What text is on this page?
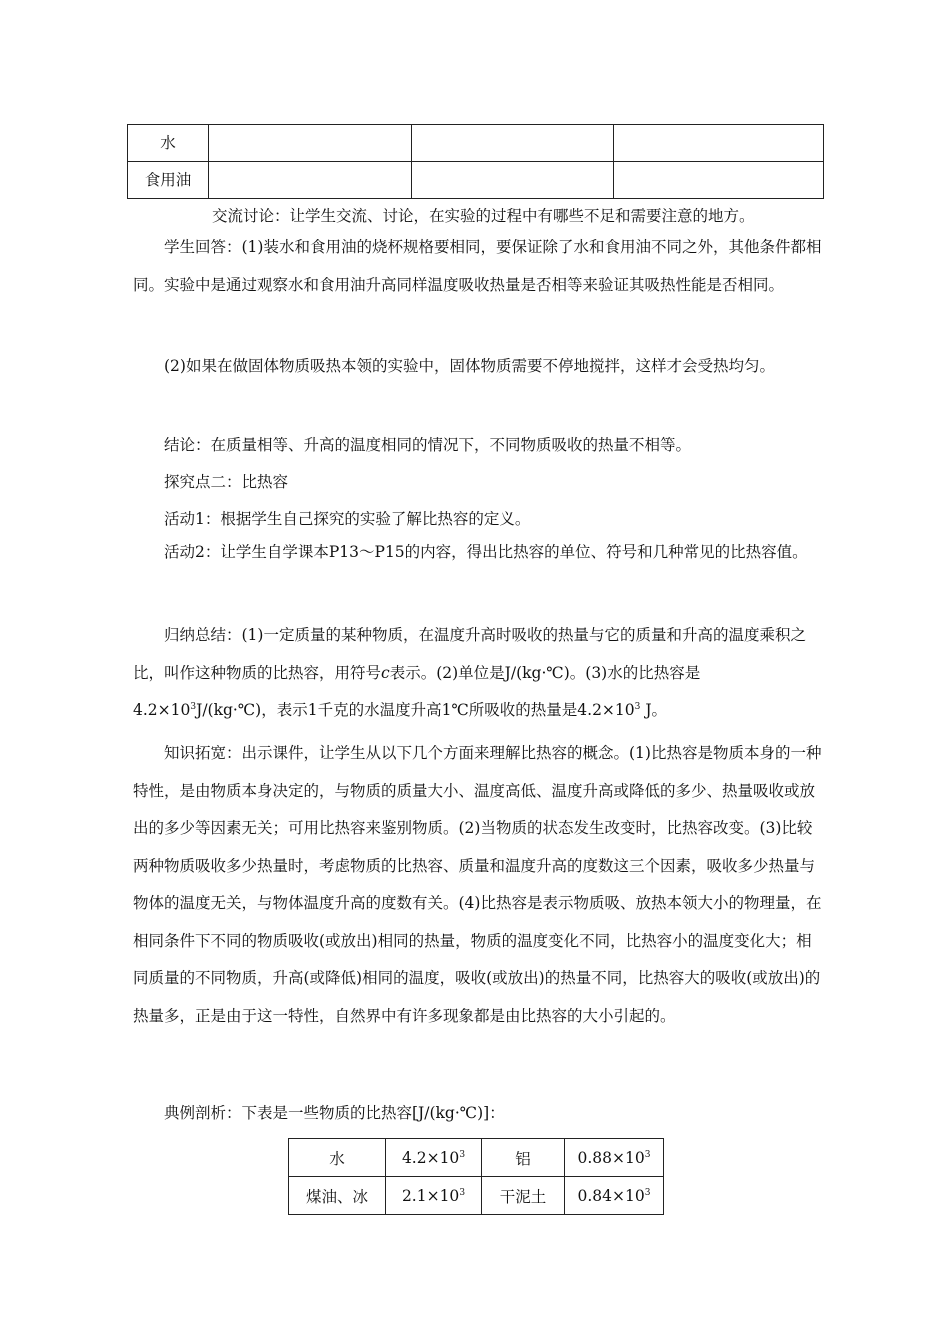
水			
食用油			
交流讨论：让学生交流、讨论，在实验的过程中有哪些不足和需要注意的地方。

学生回答：(1)装水和食用油的烧杯规格要相同，要保证除了水和食用油不同之外，其他条件都相同。实验中是通过观察水和食用油升高同样温度吸收热量是否相等来验证其吸热性能是否相同。

(2)如果在做固体物质吸热本领的实验中，固体物质需要不停地搅拌，这样才会受热均匀。

结论：在质量相等、升高的温度相同的情况下，不同物质吸收的热量不相等。
探究点二：比热容
活动1：根据学生自己探究的实验了解比热容的定义。

活动2：让学生自学课本P13～P15的内容，得出比热容的单位、符号和几种常见的比热容值。

归纳总结：(1)一定质量的某种物质，在温度升高时吸收的热量与它的质量和升高的温度乘积之比，叫作这种物质的比热容，用符号c表示。(2)单位是J/(kg·℃)。(3)水的比热容是$4.2\times 10^3J/(kg\cdot℃)$，表示1千克的水温度升高1℃所吸收的热量是$4.2\times 10^3$ J。

知识拓宽：出示课件，让学生从以下几个方面来理解比热容的概念。(1)比热容是物质本身的一种特性，是由物质本身决定的，与物质的质量大小、温度高低、温度升高或降低的多少、热量吸收或放出的多少等因素无关；可用比热容来鉴别物质。(2)当物质的状态发生改变时，比热容改变。(3)比较两种物质吸收多少热量时，考虑物质的比热容、质量和温度升高的度数这三个因素，吸收多少热量与物体的温度无关，与物体温度升高的度数有关。(4)比热容是表示物质吸、放热本领大小的物理量，在相同条件下不同的物质吸收(或放出)相同的热量，物质的温度变化不同，比热容小的温度变化大；相同质量的不同物质，升高(或降低)相同的温度，吸收(或放出)的热量不同，比热容大的吸收(或放出)的热量多，正是由于这一特性，自然界中有许多现象都是由比热容的大小引起的。

典例剖析：下表是一些物质的比热容[J/(kg·℃)]：
水	$4.2\times 10^3$	铝	$0.88\times 10^3$
煤油、冰	$2.1\times 10^3$	干泥土	$0.84\times 10^3$
